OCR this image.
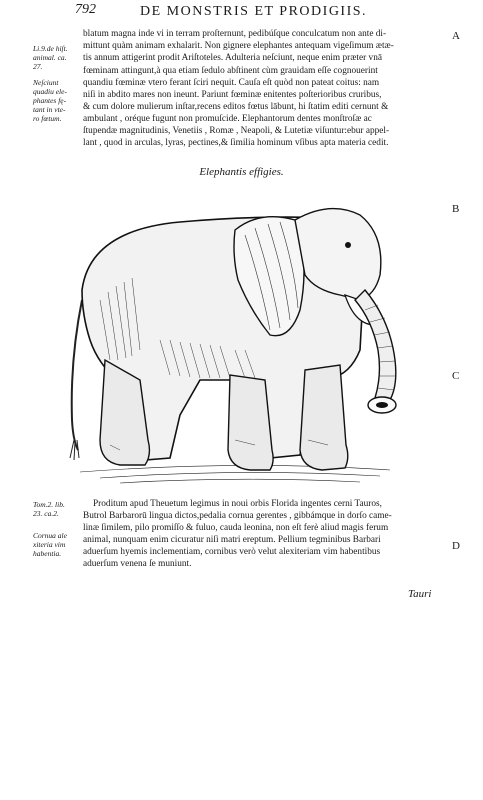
792	DE MONSTRIS ET PRODIGIIS.
A
B
C
D
Li.9.de hiſt.
animal. ca.
27.
Neſciunt
quadiu ele-
phantes fę-
tant in vte-
ro fœtum.
blatum magna inde vi in terram proſternunt, pedibúſque conculcatum non ante di-
mittunt quàm animam exhalarit. Non gignere elephantes antequam vigeſimum ætæ-
tis annum attigerint prodit Ariſtoteles. Adulteria neſciunt, neque enim præter vnā
fœminam attingunt,à qua etiam ſedulo abſtinent cùm grauidam eſſe cognouerint
quandiu fœminæ vtero ferant ſciri nequit. Cauſa eſt quòd non pateat coitus: nam
niſi in abdito mares non ineunt. Pariunt fœminæ enitentes poſterioribus cruribus,
& cum dolore mulierum inſtar,recens editos fœtus lābunt, hi ſtatim editi cernunt &
ambulant , oréque fugunt non promuſcide. Elephantorum dentes monſtroſæ ac
ſtupendæ magnitudinis, Venetiis , Romæ , Neapoli, & Lutetiæ viſuntur:ebur appel-
lant , quod in arculas, lyras, pectines,& ſimilia hominum vſibus apta materia cedit.
Elephantis effigies.
Tom.2. lib.
23. ca.2.
Cornua ale
xiteria vim
habentia.
Proditum apud Theuetum legimus in noui orbis Florida ingentes cerni Tauros,
Butrol Barbarorū lingua dictos,pedalia cornua gerentes , gibbámque in dorſo came-
linæ ſimilem, pilo promiſſo & fuluo, cauda leonina, non eſt ferè aliud magis ferum
animal, nunquam enim cicuratur niſi matri ereptum. Pellium tegminibus Barbari
aduerſum hyemis inclementiam, cornibus verò velut alexiteriam vim habentibus
aduerſum venena ſe muniunt.
Tauri
